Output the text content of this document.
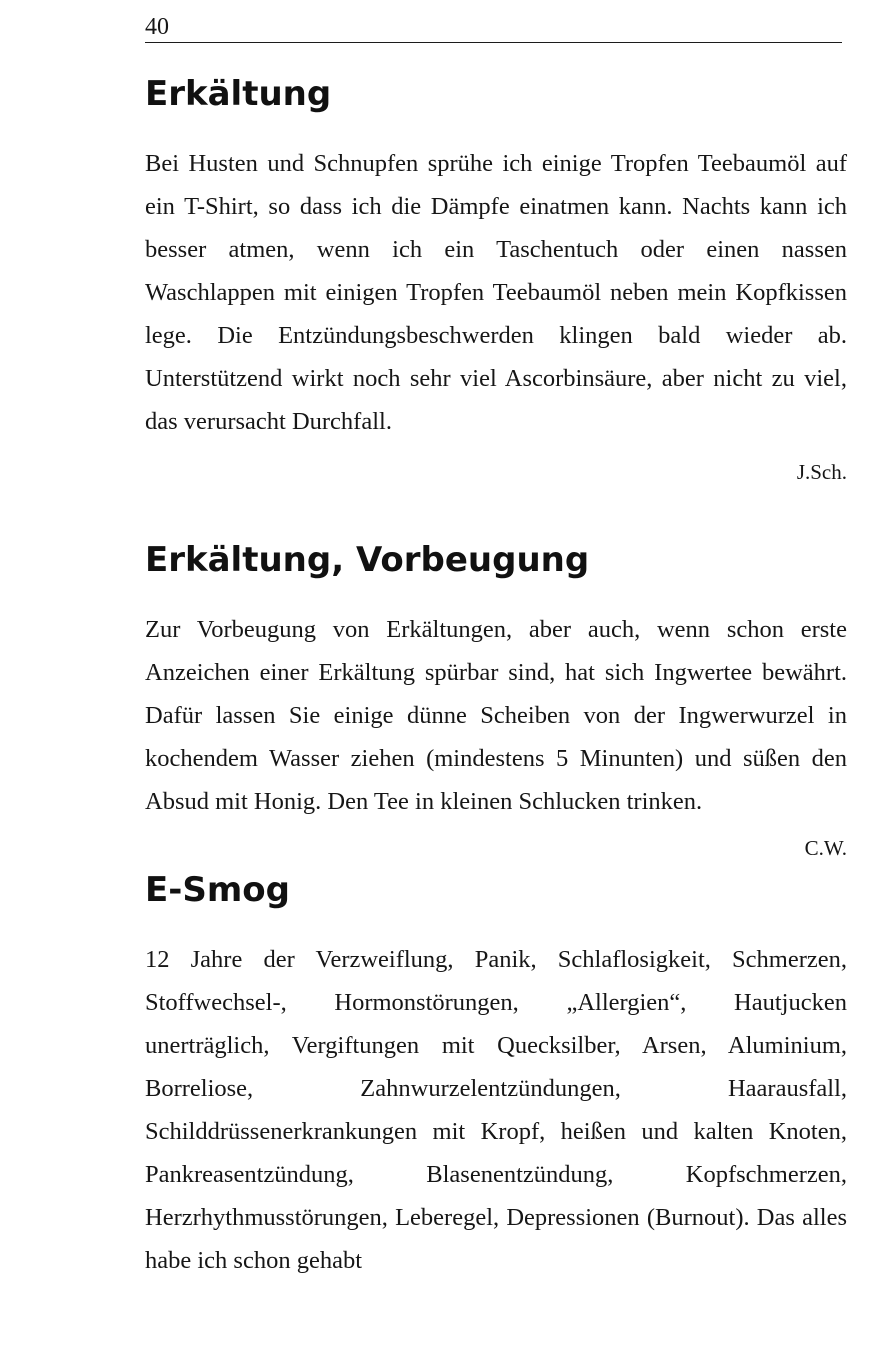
40
Erkältung

Bei Husten und Schnupfen sprühe ich einige Tropfen Teebaumöl auf ein T-Shirt, so dass ich die Dämpfe einatmen kann. Nachts kann ich besser atmen, wenn ich ein Taschentuch oder einen nassen Waschlappen mit einigen Tropfen Teebaumöl neben mein Kopfkissen lege. Die Entzündungsbeschwerden klingen bald wieder ab. Unterstützend wirkt noch sehr viel Ascorbinsäure, aber nicht zu viel, das verursacht Durchfall.

J.Sch.

Erkältung, Vorbeugung

Zur Vorbeugung von Erkältungen, aber auch, wenn schon erste Anzeichen einer Erkältung spürbar sind, hat sich Ingwertee bewährt. Dafür lassen Sie einige dünne Scheiben von der Ingwerwurzel in kochendem Wasser ziehen (mindestens 5 Minunten) und süßen den Absud mit Honig. Den Tee in kleinen Schlucken trinken.

C.W.

E-Smog

12 Jahre der Verzweiflung, Panik, Schlaflosigkeit, Schmerzen, Stoffwechsel-, Hormonstörungen, „Allergien“, Hautjucken unerträglich, Vergiftungen mit Quecksilber, Arsen, Aluminium, Borreliose, Zahnwurzelentzündungen, Haarausfall, Schilddrüssenerkrankungen mit Kropf, heißen und kalten Knoten, Pankreasentzündung, Blasenentzündung, Kopfschmerzen, Herzrhythmusstörungen, Leberegel, Depressionen (Burnout). Das alles habe ich schon gehabt
